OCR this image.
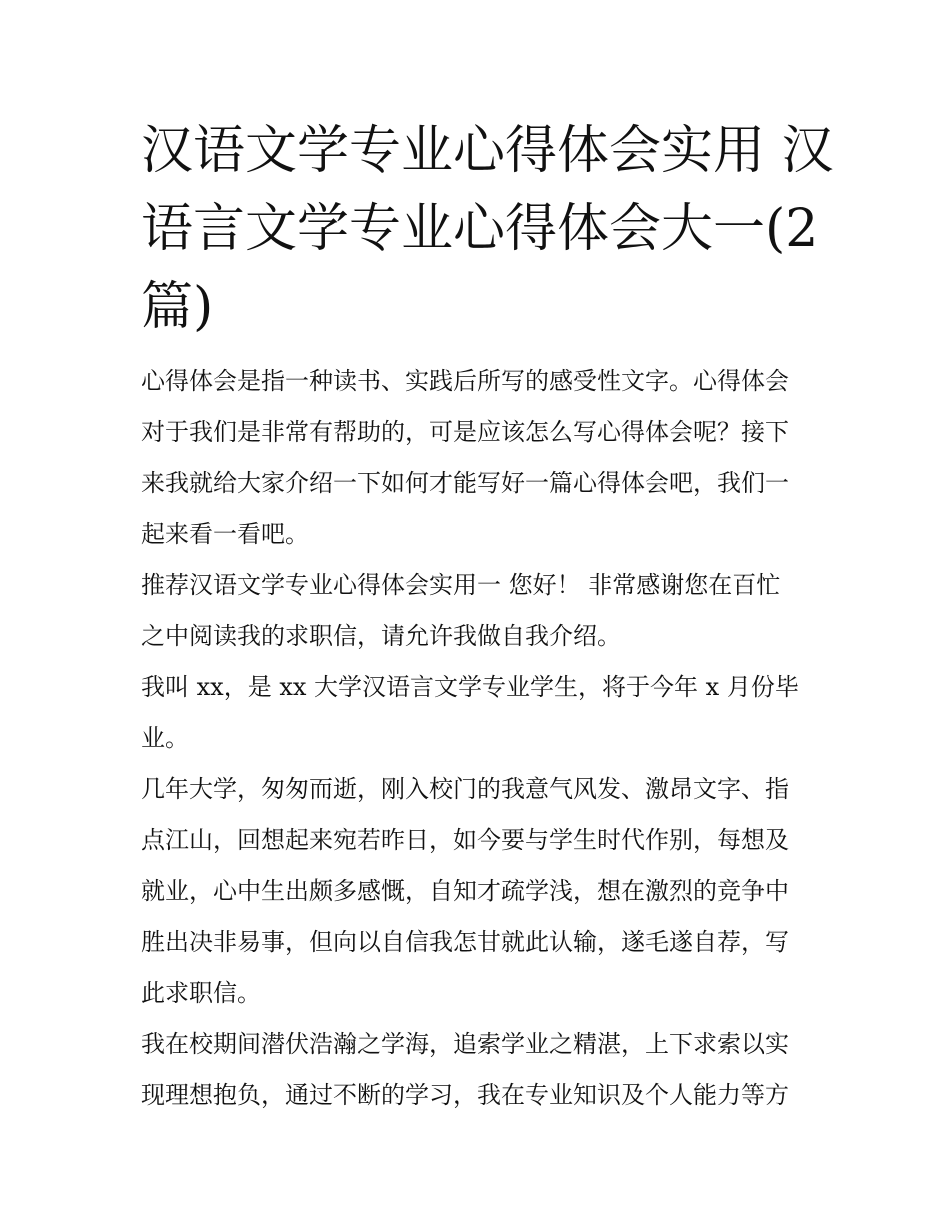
汉语文学专业心得体会实用 汉
语言文学专业心得体会大一(2
篇)

心得体会是指一种读书、实践后所写的感受性文字。心得体会
对于我们是非常有帮助的，可是应该怎么写心得体会呢？接下
来我就给大家介绍一下如何才能写好一篇心得体会吧，我们一
起来看一看吧。

推荐汉语文学专业心得体会实用一 您好！ 非常感谢您在百忙
之中阅读我的求职信，请允许我做自我介绍。

我叫 xx，是 xx 大学汉语言文学专业学生，将于今年 x 月份毕
业。

几年大学，匆匆而逝，刚入校门的我意气风发、激昂文字、指
点江山，回想起来宛若昨日，如今要与学生时代作别，每想及
就业，心中生出颇多感慨，自知才疏学浅，想在激烈的竞争中
胜出决非易事，但向以自信我怎甘就此认输，遂毛遂自荐，写
此求职信。

我在校期间潜伏浩瀚之学海，追索学业之精湛，上下求索以实
现理想抱负，通过不断的学习，我在专业知识及个人能力等方
